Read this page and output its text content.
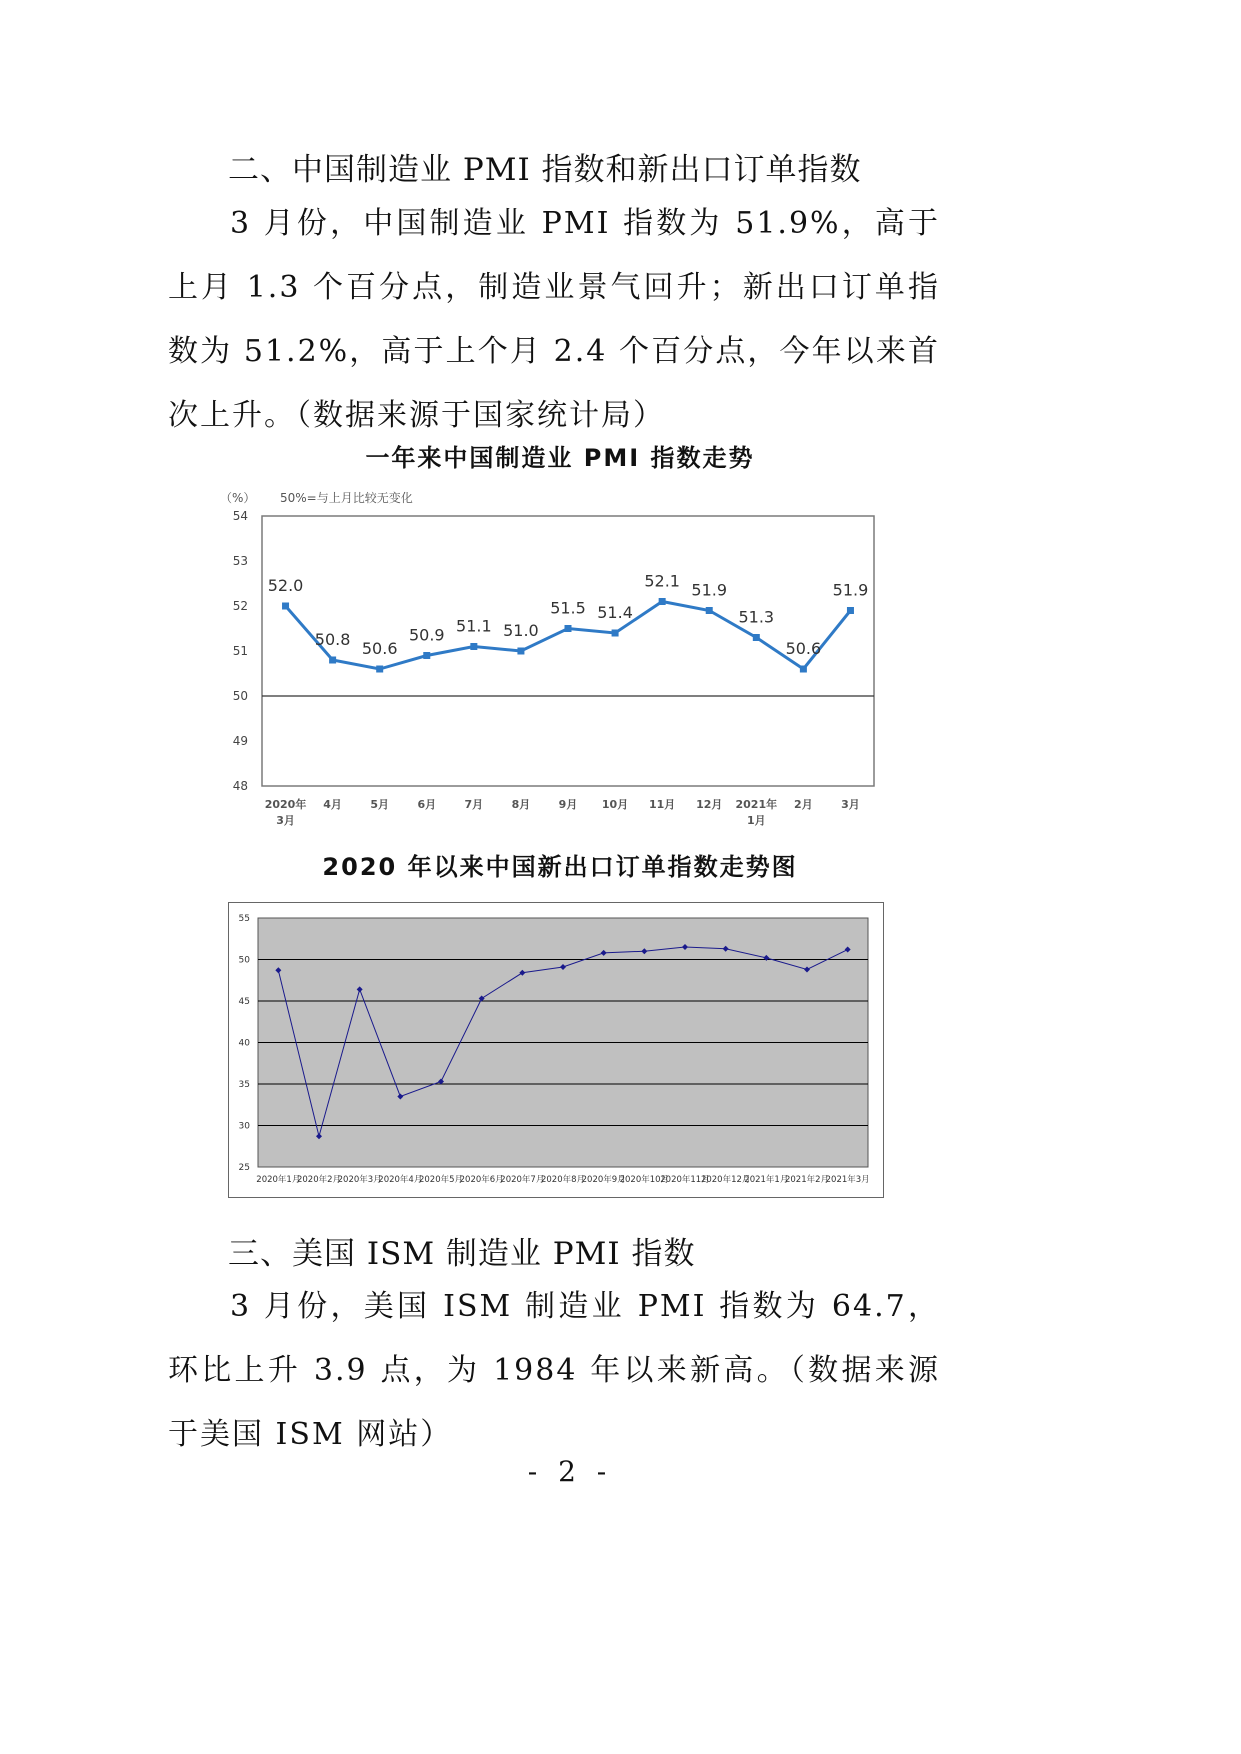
二、中国制造业 PMI 指数和新出口订单指数
3 月份，中国制造业 PMI 指数为 51.9%，高于上月 1.3 个百分点，制造业景气回升；新出口订单指数为 51.2%，高于上个月 2.4 个百分点，今年以来首次上升。（数据来源于国家统计局）
一年来中国制造业 PMI 指数走势
（%） 50%=与上月比较无变化
54
53
52
51
50
49
48
2020年
3月
4月	5月	6月	7月	8月	9月 10月 11月 12月 2021年
1月
2月	3月
52.0
50.8 50.6
50.9 51.1 51.0
51.5 51.4
52.1 51.9
51.3
50.6
51.9
2020 年以来中国新出口订单指数走势图
55
50
45
40
35
30
25
2020年1月
2020年2月
2020年3月
2020年4月
2020年5月
2020年6月
2020年7月
2020年8月
2020年9月
2020年10月
2020年11月
2020年12月
2021年1月
2021年2月
2021年3月
三、美国 ISM 制造业 PMI 指数
3 月份，美国 ISM 制造业 PMI 指数为 64.7，环比上升 3.9 点，为 1984 年以来新高。（数据来源于美国 ISM 网站）
- 2 -
